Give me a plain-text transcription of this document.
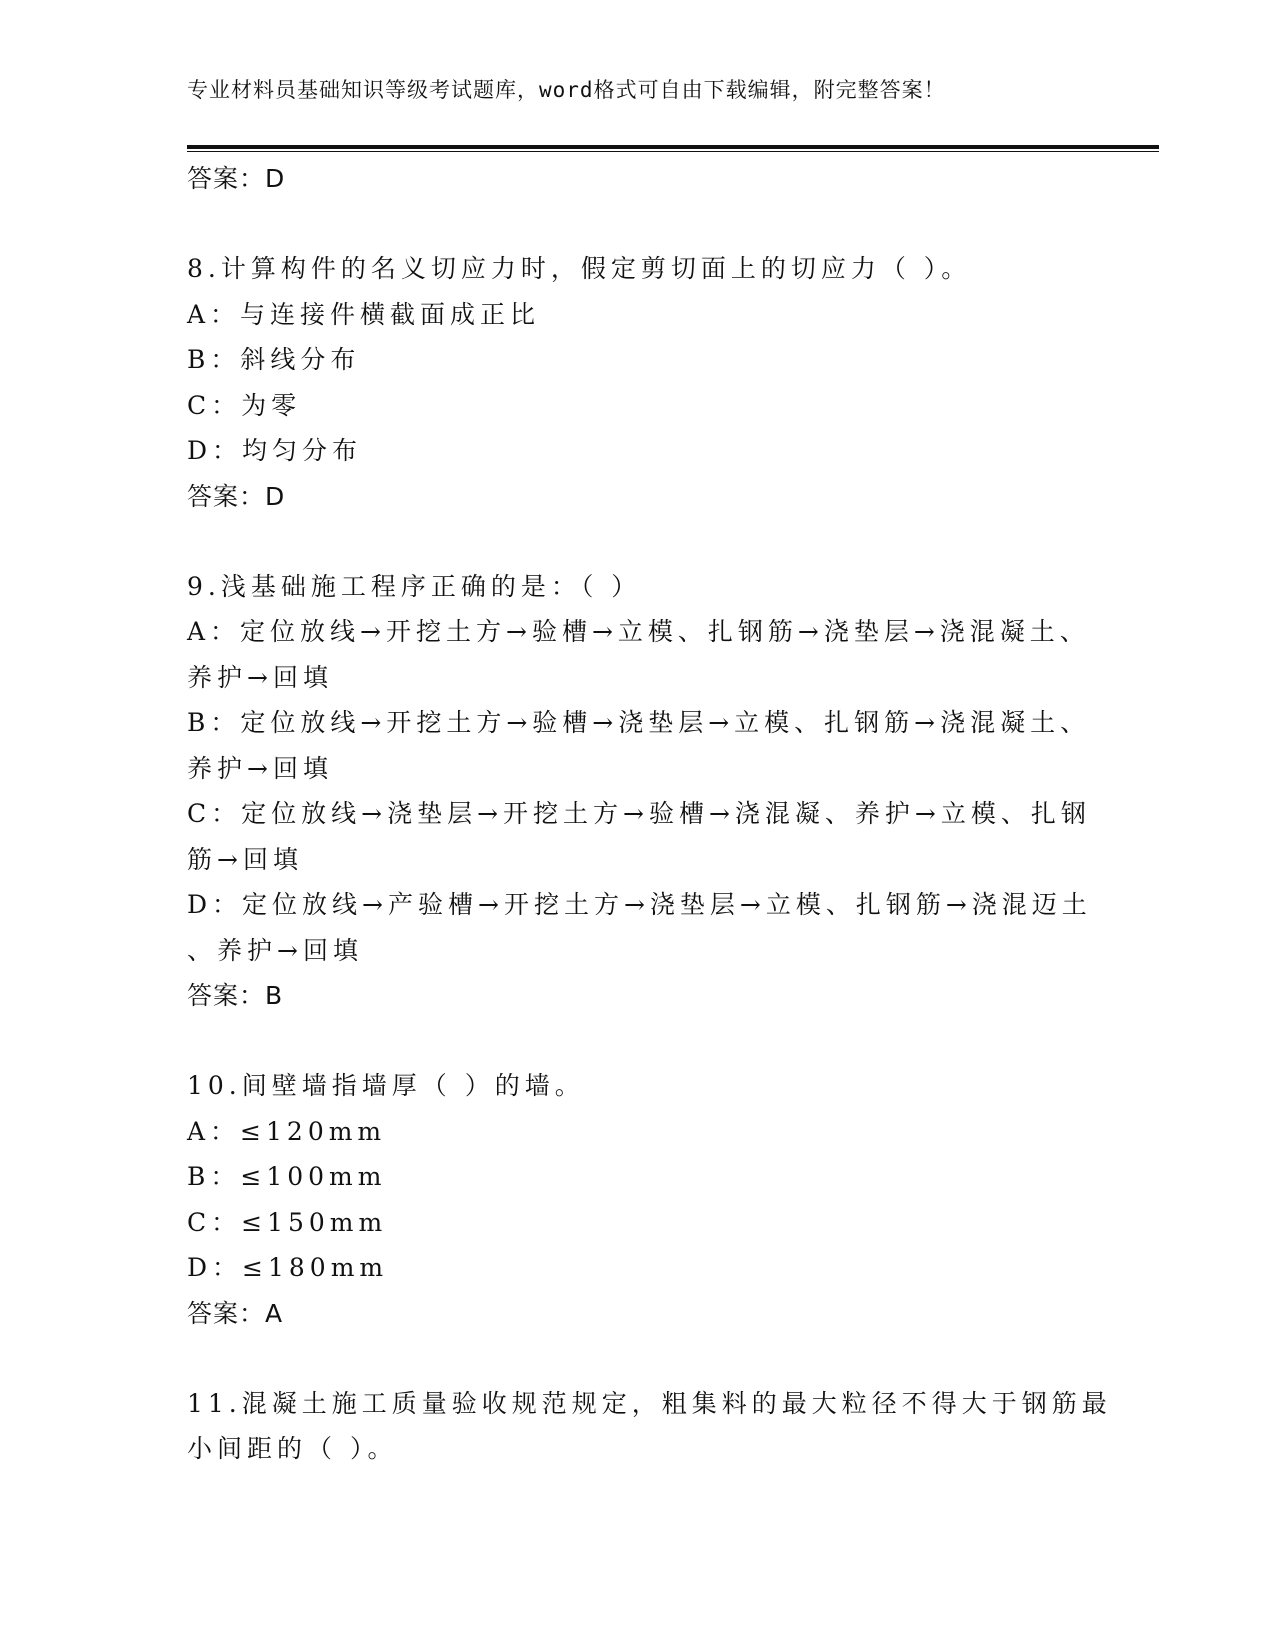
专业材料员基础知识等级考试题库，word格式可自由下载编辑，附完整答案！
答案：D
8.计算构件的名义切应力时，假定剪切面上的切应力（ ）。
A：与连接件横截面成正比
B：斜线分布
C：为零
D：均匀分布
答案：D
9.浅基础施工程序正确的是：（ ）
A：定位放线→开挖土方→验槽→立模、扎钢筋→浇垫层→浇混凝土、
养护→回填
B：定位放线→开挖土方→验槽→浇垫层→立模、扎钢筋→浇混凝土、
养护→回填
C：定位放线→浇垫层→开挖土方→验槽→浇混凝、养护→立模、扎钢
筋→回填
D：定位放线→产验槽→开挖土方→浇垫层→立模、扎钢筋→浇混迈土
、养护→回填
答案：B
10.间壁墙指墙厚（ ）的墙。
A：≤120mm
B：≤100mm
C：≤150mm
D：≤180mm
答案：A
11.混凝土施工质量验收规范规定，粗集料的最大粒径不得大于钢筋最
小间距的（ ）。
